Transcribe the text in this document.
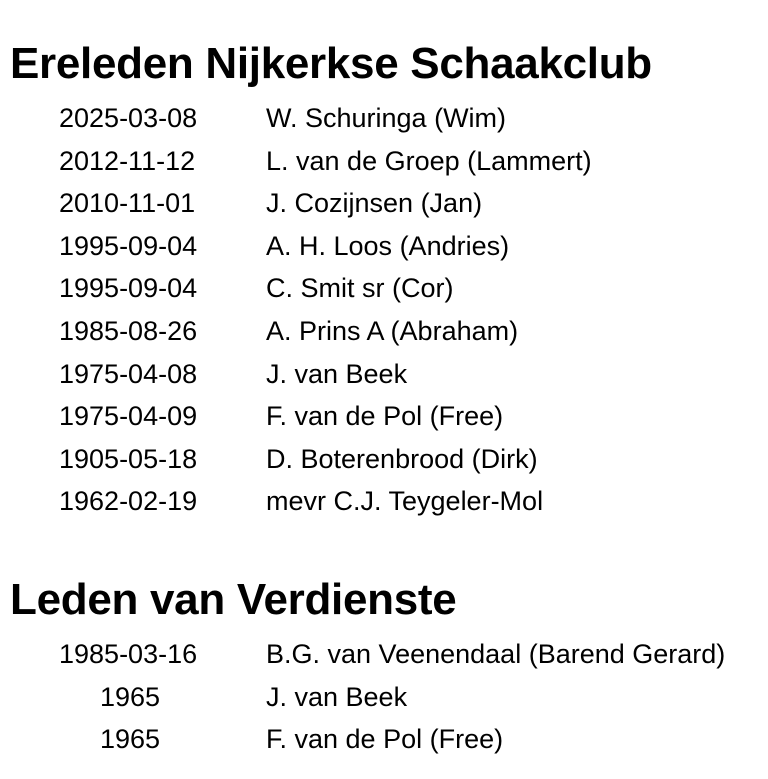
Ereleden Nijkerkse Schaakclub
2025-03-08	W. Schuringa (Wim)
2012-11-12	L. van de Groep (Lammert)
2010-11-01	J. Cozijnsen (Jan)
1995-09-04	A. H. Loos (Andries)
1995-09-04	C. Smit sr (Cor)
1985-08-26	A. Prins A (Abraham)
1975-04-08	J. van Beek
1975-04-09	F. van de Pol (Free)
1905-05-18	D. Boterenbrood (Dirk)
1962-02-19	mevr C.J. Teygeler-Mol
Leden van Verdienste
1985-03-16	B.G. van Veenendaal (Barend Gerard)
1965	J. van Beek
1965	F. van de Pol (Free)
